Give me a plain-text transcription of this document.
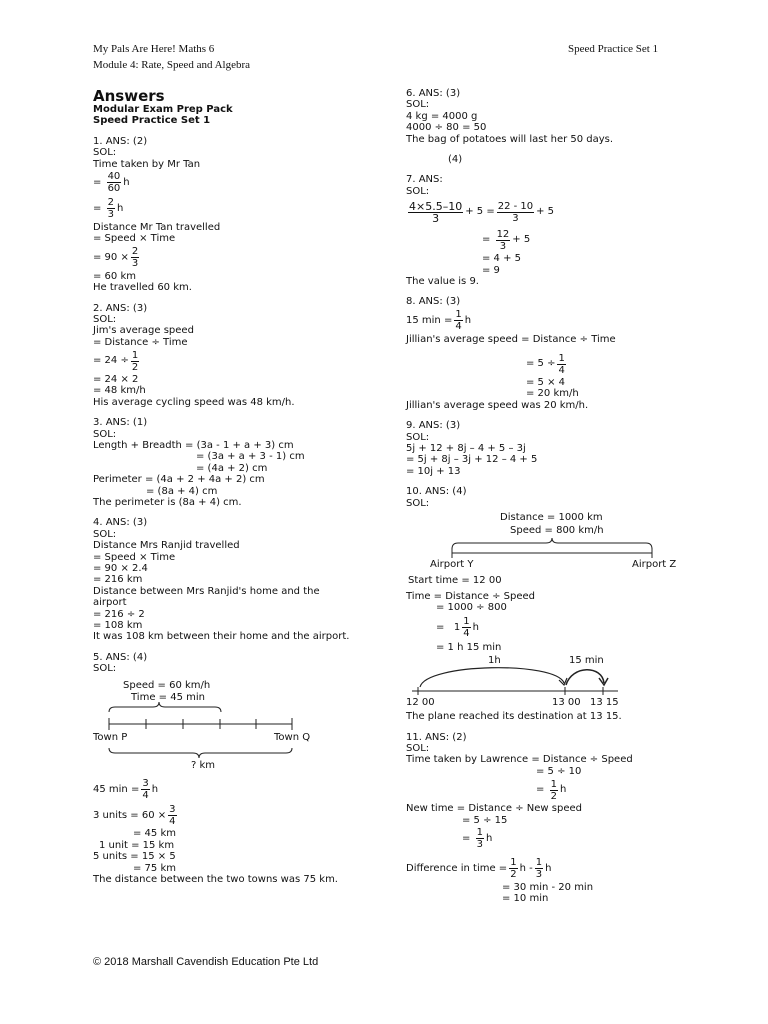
My Pals Are Here! Maths 6
Module 4: Rate, Speed and Algebra
Speed Practice Set 1
Answers
Modular Exam Prep Pack
Speed Practice Set 1
1. ANS: (2)
SOL:
Time taken by Mr Tan
= $\frac{40}{60}$ h
= $\frac{2}{3}$ h
Distance Mr Tan travelled
= Speed × Time
= $90 \times \frac{2}{3}$
= 60 km
He travelled 60 km.
2. ANS: (3)
SOL:
Jim's average speed
= Distance ÷ Time
= $24 \div \frac{1}{2}$
= 24 × 2
= 48 km/h
His average cycling speed was 48 km/h.
3. ANS: (1)
SOL:
Length + Breadth = (3a - 1 + a + 3) cm
= (3a + a + 3 - 1) cm
= (4a + 2) cm
Perimeter = (4a + 2 + 4a + 2) cm
= (8a + 4) cm
The perimeter is (8a + 4) cm.
4. ANS: (3)
SOL:
Distance Mrs Ranjid travelled
= Speed × Time
= 90 × 2.4
= 216 km
Distance between Mrs Ranjid's home and the
airport
= 216 ÷ 2
= 108 km
It was 108 km between their home and the airport.
5. ANS: (4)
SOL:
Speed = 60 km/h
Time = 45 min
Town P	Town Q
? km
45 $\min = \frac{3}{4}$ h
3 units = $60 \times \frac{3}{4}$
= 45 km
1 unit = 15 km
5 units = 15 × 5
= 75 km
The distance between the two towns was 75 km.
6. ANS: (3)
SOL:
4 kg = 4000 g
4000 ÷ 80 = 50
The bag of potatoes will last her 50 days.
(4)
7. ANS:
SOL:
$\frac{4\times 5.5-10}{3} + 5 = \frac{22 - 10}{3} + 5$
= $\frac{12}{3} + 5$
= 4 + 5
= 9
The value is 9.
8. ANS: (3)
15 $\min = \frac{1}{4}$ h
Jillian's average speed = Distance ÷ Time
= $5 \div \frac{1}{4}$
= 5 × 4
= 20 km/h
Jillian's average speed was 20 km/h.
9. ANS: (3)
SOL:
5j + 12 + 8j – 4 + 5 – 3j
= 5j + 8j – 3j + 12 – 4 + 5
= 10j + 13
10. ANS: (4)
SOL:
Distance = 1000 km
Speed = 800 km/h
Airport Y	Airport Z
Start time = 12 00
Time = Distance ÷ Speed
= 1000 ÷ 800
= $1 \frac{1}{4}$ h
= 1 h 15 min
1h	15 min
12 00	13 00 13 15
The plane reached its destination at 13 15.
11. ANS: (2)
SOL:
Time taken by Lawrence = Distance ÷ Speed
= 5 ÷ 10
= $\frac{1}{2}$ h
New time = Distance ÷ New speed
= 5 ÷ 15
= $\frac{1}{3}$ h
Difference in time = $\frac{1}{2}$ h - $\frac{1}{3}$ h
= 30 min - 20 min
= 10 min
© 2018 Marshall Cavendish Education Pte Ltd
